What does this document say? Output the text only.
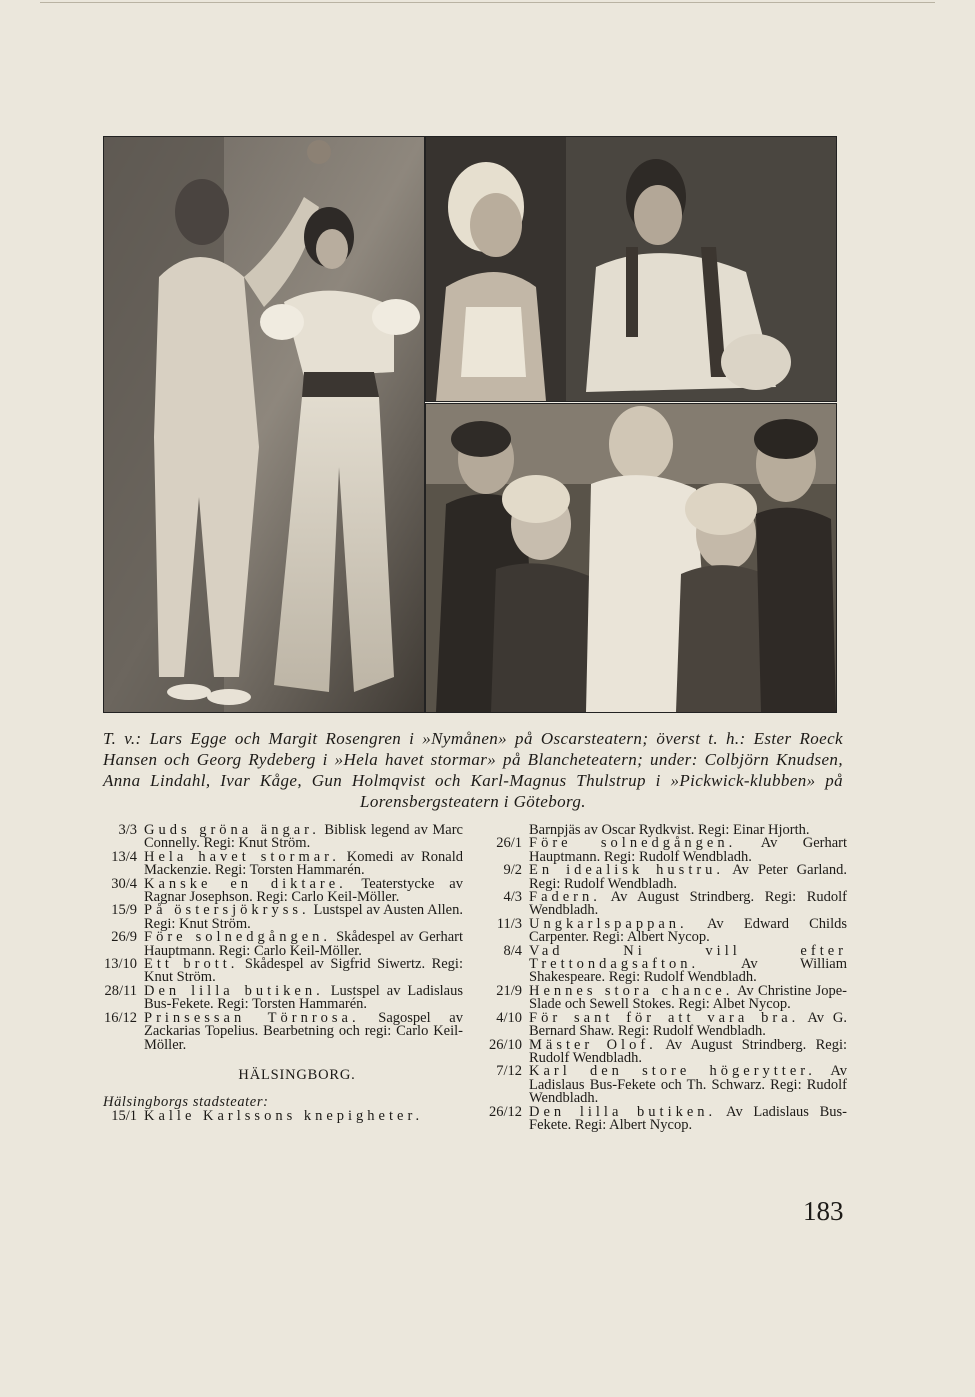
T. v.: Lars Egge och Margit Rosengren i »Nymånen» på Oscarsteatern; överst t. h.: Ester Roeck Hansen och Georg Rydeberg i »Hela havet stormar» på Blancheteatern; under: Colbjörn Knudsen, Anna Lindahl, Ivar Kåge, Gun Holmqvist och Karl-Magnus Thulstrup i »Pickwick-klubben» på Lorensbergsteatern i Göteborg.
3/3 Guds gröna ängar. Biblisk legend av Marc Connelly. Regi: Knut Ström.
13/4 Hela havet stormar. Komedi av Ronald Mackenzie. Regi: Torsten Hammarén.
30/4 Kanske en diktare. Teaterstycke av Ragnar Josephson. Regi: Carlo Keil-Möller.
15/9 På östersjökryss. Lustspel av Austen Allen. Regi: Knut Ström.
26/9 Före solnedgången. Skådespel av Gerhart Hauptmann. Regi: Carlo Keil-Möller.
13/10 Ett brott. Skådespel av Sigfrid Siwertz. Regi: Knut Ström.
28/11 Den lilla butiken. Lustspel av Ladislaus Bus-Fekete. Regi: Torsten Hammarén.
16/12 Prinsessan Törnrosa. Sagospel av Zackarias Topelius. Bearbetning och regi: Carlo Keil-Möller.
HÄLSINGBORG.
Hälsingborgs stadsteater:
15/1 Kalle Karlssons knepigheter.
Barnpjäs av Oscar Rydkvist. Regi: Einar Hjorth.
26/1 Före solnedgången. Av Gerhart Hauptmann. Regi: Rudolf Wendbladh.
9/2 En idealisk hustru. Av Peter Garland. Regi: Rudolf Wendbladh.
4/3 Fadern. Av August Strindberg. Regi: Rudolf Wendbladh.
11/3 Ungkarlspappan. Av Edward Childs Carpenter. Regi: Albert Nycop.
8/4 Vad Ni vill efter Trettondagsafton. Av William Shakespeare. Regi: Rudolf Wendbladh.
21/9 Hennes stora chance. Av Christine Jope-Slade och Sewell Stokes. Regi: Albet Nycop.
4/10 För sant för att vara bra. Av G. Bernard Shaw. Regi: Rudolf Wendbladh.
26/10 Mäster Olof. Av August Strindberg. Regi: Rudolf Wendbladh.
7/12 Karl den store högerytter. Av Ladislaus Bus-Fekete och Th. Schwarz. Regi: Rudolf Wendbladh.
26/12 Den lilla butiken. Av Ladislaus Bus-Fekete. Regi: Albert Nycop.
183
